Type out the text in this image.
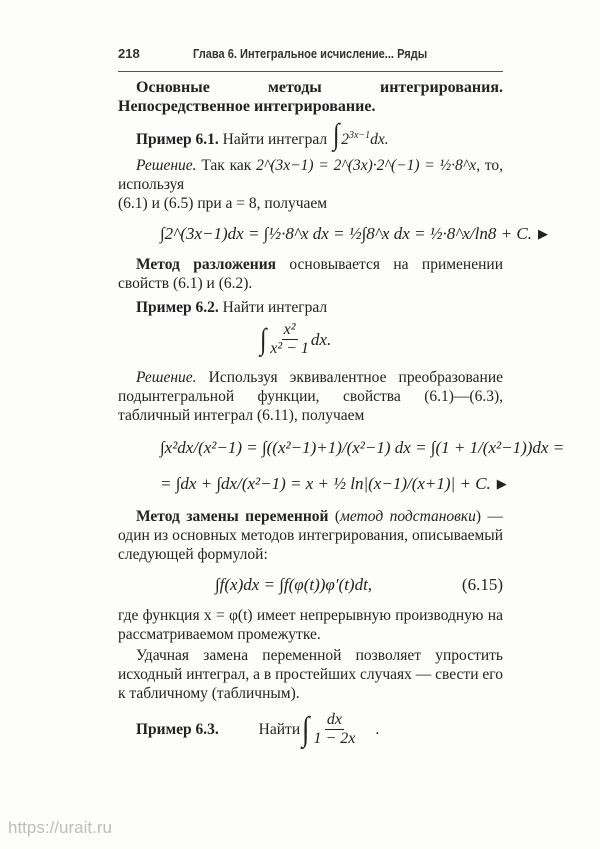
218	Глава 6. Интегральное исчисление... Ряды
Основные методы интегрирования. Непосредственное интегрирование.
Пример 6.1. Найти интеграл ∫ $2^{3x-1}dx$.
Решение. Так как 2^(3x−1) = 2^(3x)·2^(−1) = ½·8^x, то, используя
(6.1) и (6.5) при a = 8, получаем
∫2^(3x−1)dx = ∫½·8^x dx = ½∫8^x dx = ½·8^x/ln8 + C. ▶
Метод разложения основывается на применении свойств (6.1) и (6.2).
Пример 6.2. Найти интеграл
∫ $\frac{\text{x²}}{\text{x² − 1}}$ dx.
Решение. Используя эквивалентное преобразование подынтегральной функции, свойства (6.1)—(6.3), табличный интеграл (6.11), получаем
∫x²dx/(x²−1) = ∫((x²−1)+1)/(x²−1) dx = ∫(1 + 1/(x²−1))dx =
= ∫dx + ∫dx/(x²−1) = x + ½ ln|(x−1)/(x+1)| + C. ▶
Метод замены переменной (метод подстановки) — один из основных методов интегрирования, описываемый следующей формулой:
∫f(x)dx = ∫f(φ(t))φ′(t)dt,	(6.15)
где функция x = φ(t) имеет непрерывную производную на рассматриваемом промежутке.
Удачная замена переменной позволяет упростить исходный интеграл, а в простейших случаях — свести его к табличному (табличным).
Пример 6.3.
	Найти ∫ $\frac{dx}{1 - 2x}$ .
https://urait.ru
